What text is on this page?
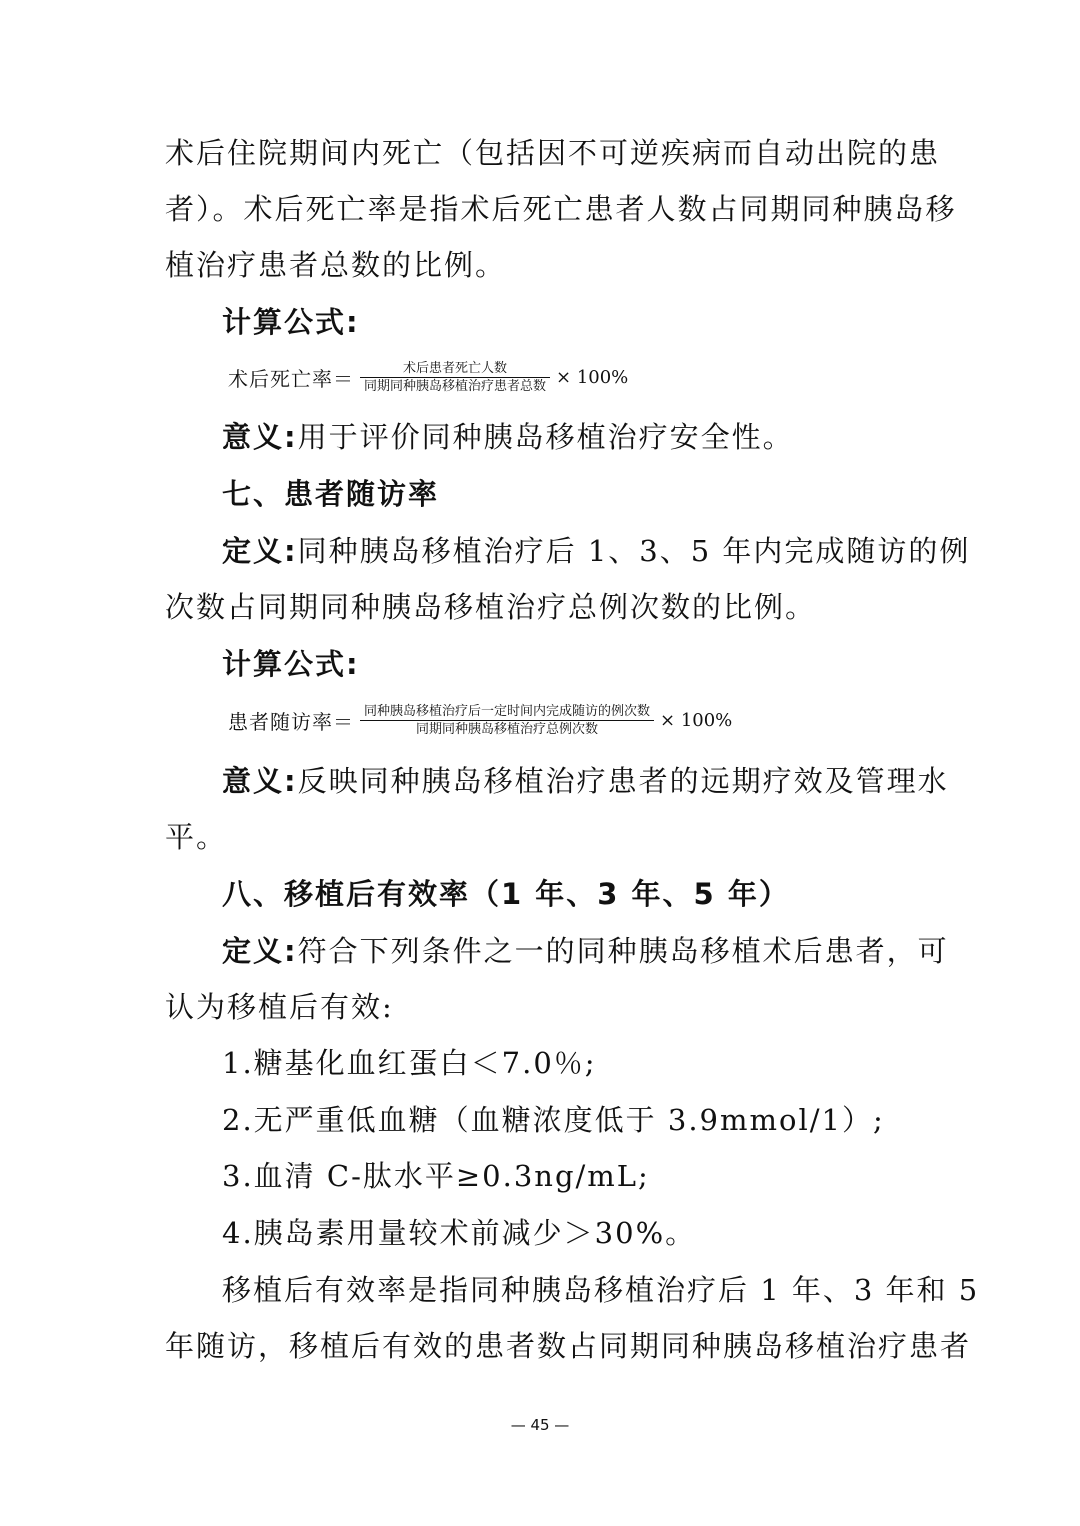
术后住院期间内死亡（包括因不可逆疾病而自动出院的患
者）。术后死亡率是指术后死亡患者人数占同期同种胰岛移
植治疗患者总数的比例。
计算公式:
术后死亡率＝ $\frac{\text{术后患者死亡人数}}{\text{同期同种胰岛移植治疗患者总数}} \times 100\%$
意义:用于评价同种胰岛移植治疗安全性。
七、患者随访率
定义:同种胰岛移植治疗后 1、3、5 年内完成随访的例
次数占同期同种胰岛移植治疗总例次数的比例。
计算公式:
患者随访率＝ $\frac{\text{同种胰岛移植治疗后一定时间内完成随访的例次数}}{\text{同期同种胰岛移植治疗总例次数}} \times 100\%$
意义:反映同种胰岛移植治疗患者的远期疗效及管理水
平。
八、移植后有效率（1 年、3 年、5 年）
定义:符合下列条件之一的同种胰岛移植术后患者，可
认为移植后有效:
1.糖基化血红蛋白＜7.0％;
2.无严重低血糖（血糖浓度低于 3.9mmol/1）;
3.血清 C-肽水平≥0.3ng/mL;
4.胰岛素用量较术前减少＞30%。
移植后有效率是指同种胰岛移植治疗后 1 年、3 年和 5
年随访，移植后有效的患者数占同期同种胰岛移植治疗患者
— 45 —
